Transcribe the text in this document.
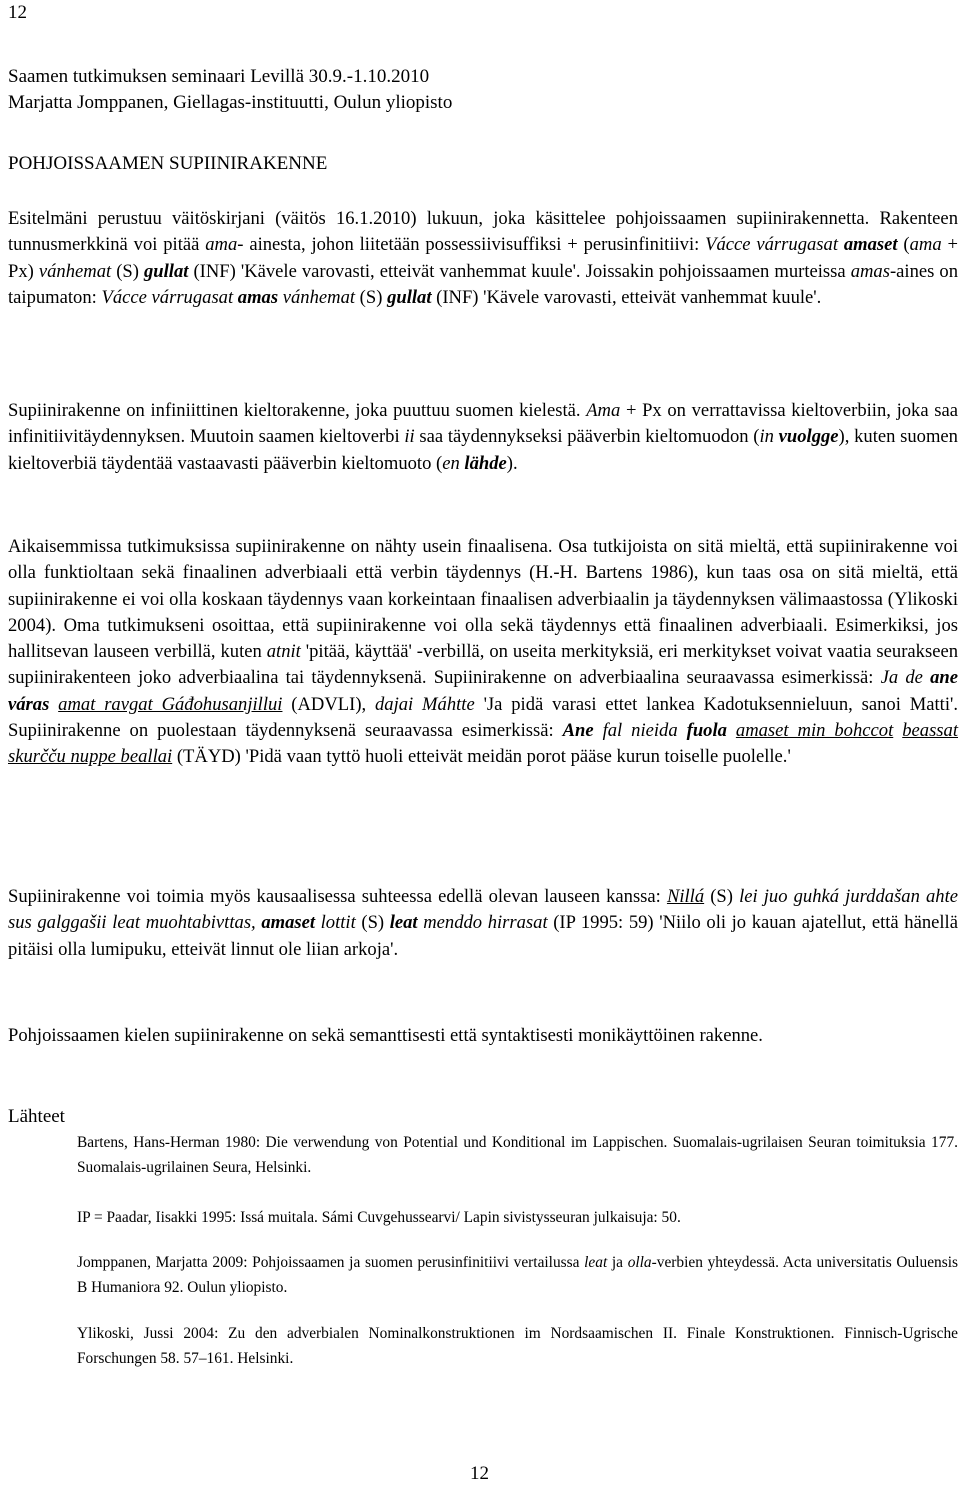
12
Saamen tutkimuksen seminaari Levillä 30.9.-1.10.2010
Marjatta Jomppanen, Giellagas-instituutti, Oulun yliopisto
POHJOISSAAMEN SUPIINIRAKENNE

Esitelmäni perustuu väitöskirjani (väitös 16.1.2010) lukuun, joka käsittelee pohjoissaamen supiinirakennetta. Rakenteen tunnusmerkkinä voi pitää ama- ainesta, johon liitetään possessiivisuffiksi + perusinfinitiivi: Vácce várrugasat amaset (ama + Px) vánhemat (S) gullat (INF) 'Kävele varovasti, etteivät vanhemmat kuule'. Joissakin pohjoissaamen murteissa amas-aines on taipumaton: Vácce várrugasat amas vánhemat (S) gullat (INF) 'Kävele varovasti, etteivät vanhemmat kuule'.

Supiinirakenne on infiniittinen kieltorakenne, joka puuttuu suomen kielestä. Ama + Px on verrattavissa kieltoverbiin, joka saa infinitiivitäydennyksen. Muutoin saamen kieltoverbi ii saa täydennykseksi pääverbin kieltomuodon (in vuolgge), kuten suomen kieltoverbiä täydentää vastaavasti pääverbin kieltomuoto (en lähde).

Aikaisemmissa tutkimuksissa supiinirakenne on nähty usein finaalisena. Osa tutkijoista on sitä mieltä, että supiinirakenne voi olla funktioltaan sekä finaalinen adverbiaali että verbin täydennys (H.-H. Bartens 1986), kun taas osa on sitä mieltä, että supiinirakenne ei voi olla koskaan täydennys vaan korkeintaan finaalisen adverbiaalin ja täydennyksen välimaastossa (Ylikoski 2004). Oma tutkimukseni osoittaa, että supiinirakenne voi olla sekä täydennys että finaalinen adverbiaali. Esimerkiksi, jos hallitsevan lauseen verbillä, kuten atnit 'pitää, käyttää' -verbillä, on useita merkityksiä, eri merkitykset voivat vaatia seurakseen supiinirakenteen joko adverbiaalina tai täydennyksenä. Supiinirakenne on adverbiaalina seuraavassa esimerkissä: Ja de ane váras amat ravgat Gáđohusanjillui (ADVLI), dajai Máhtte 'Ja pidä varasi ettet lankea Kadotuksennieluun, sanoi Matti'. Supiinirakenne on puolestaan täydennyksenä seuraavassa esimerkissä: Ane fal nieida fuola amaset min bohccot beassat skurčču nuppe beallai (TÄYD) 'Pidä vaan tyttö huoli etteivät meidän porot pääse kurun toiselle puolelle.'

Supiinirakenne voi toimia myös kausaalisessa suhteessa edellä olevan lauseen kanssa: Nillá (S) lei juo guhká jurddašan ahte sus galggašii leat muohtabivttas, amaset lottit (S) leat menddo hirrasat (IP 1995: 59) 'Niilo oli jo kauan ajatellut, että hänellä pitäisi olla lumipuku, etteivät linnut ole liian arkoja'.

Pohjoissaamen kielen supiinirakenne on sekä semanttisesti että syntaktisesti monikäyttöinen rakenne.

Lähteet
Bartens, Hans-Herman 1980: Die verwendung von Potential und Konditional im Lappischen. Suomalais-ugrilaisen Seuran toimituksia 177. Suomalais-ugrilainen Seura, Helsinki.
IP = Paadar, Iisakki 1995: Issá muitala. Sámi Cuvgehussearvi/ Lapin sivistysseuran julkaisuja: 50.
Jomppanen, Marjatta 2009: Pohjoissaamen ja suomen perusinfinitiivi vertailussa leat ja olla-verbien yhteydessä. Acta universitatis Ouluensis B Humaniora 92. Oulun yliopisto.
Ylikoski, Jussi 2004: Zu den adverbialen Nominalkonstruktionen im Nordsaamischen II. Finale Konstruktionen. Finnisch-Ugrische Forschungen 58. 57–161. Helsinki.
12
